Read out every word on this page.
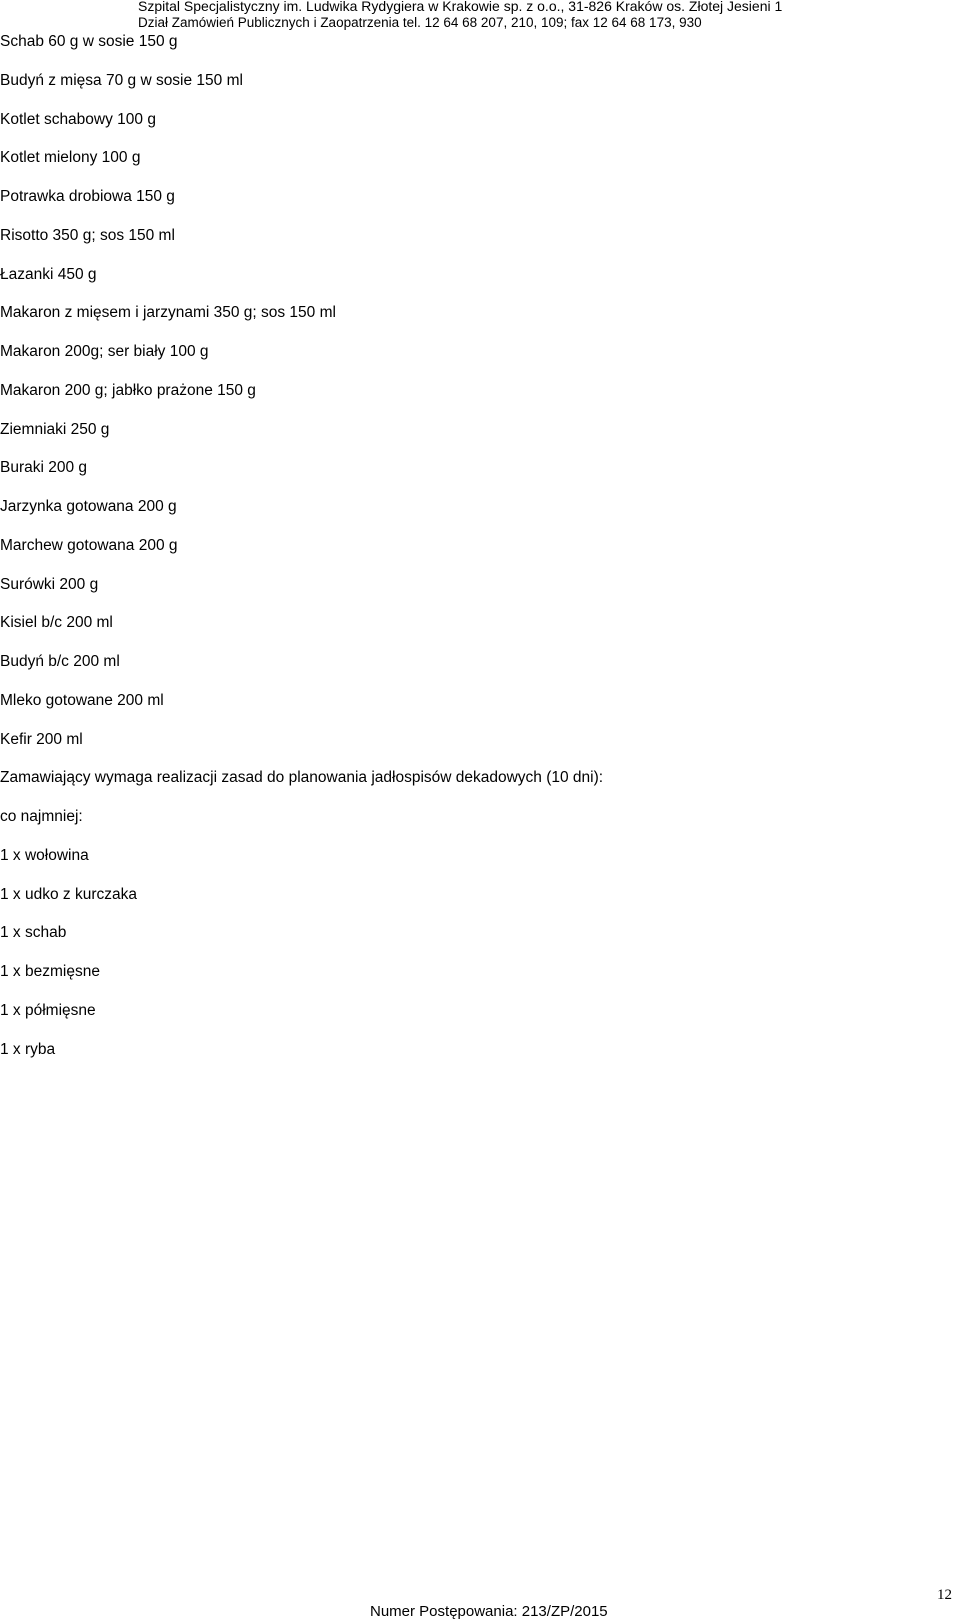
Szpital Specjalistyczny im. Ludwika Rydygiera w Krakowie sp. z o.o., 31-826 Kraków os. Złotej Jesieni 1
Dział Zamówień Publicznych i Zaopatrzenia tel. 12 64 68 207, 210, 109; fax 12 64 68 173, 930
Schab 60 g w sosie 150 g
Budyń z mięsa 70 g w sosie 150 ml
Kotlet schabowy 100 g
Kotlet mielony 100 g
Potrawka drobiowa 150 g
Risotto 350 g; sos 150 ml
Łazanki 450 g
Makaron z mięsem i jarzynami 350 g; sos 150 ml
Makaron 200g; ser biały 100 g
Makaron 200 g; jabłko prażone 150 g
Ziemniaki 250 g
Buraki 200 g
Jarzynka gotowana 200 g
Marchew gotowana 200 g
Surówki 200 g
Kisiel b/c 200 ml
Budyń b/c 200 ml
Mleko gotowane 200 ml
Kefir 200 ml
Zamawiający wymaga realizacji zasad do planowania jadłospisów dekadowych (10 dni):
co najmniej:
1 x wołowina
1 x udko z kurczaka
1 x schab
1 x bezmięsne
1 x półmięsne
1 x ryba
12
Numer Postępowania: 213/ZP/2015
